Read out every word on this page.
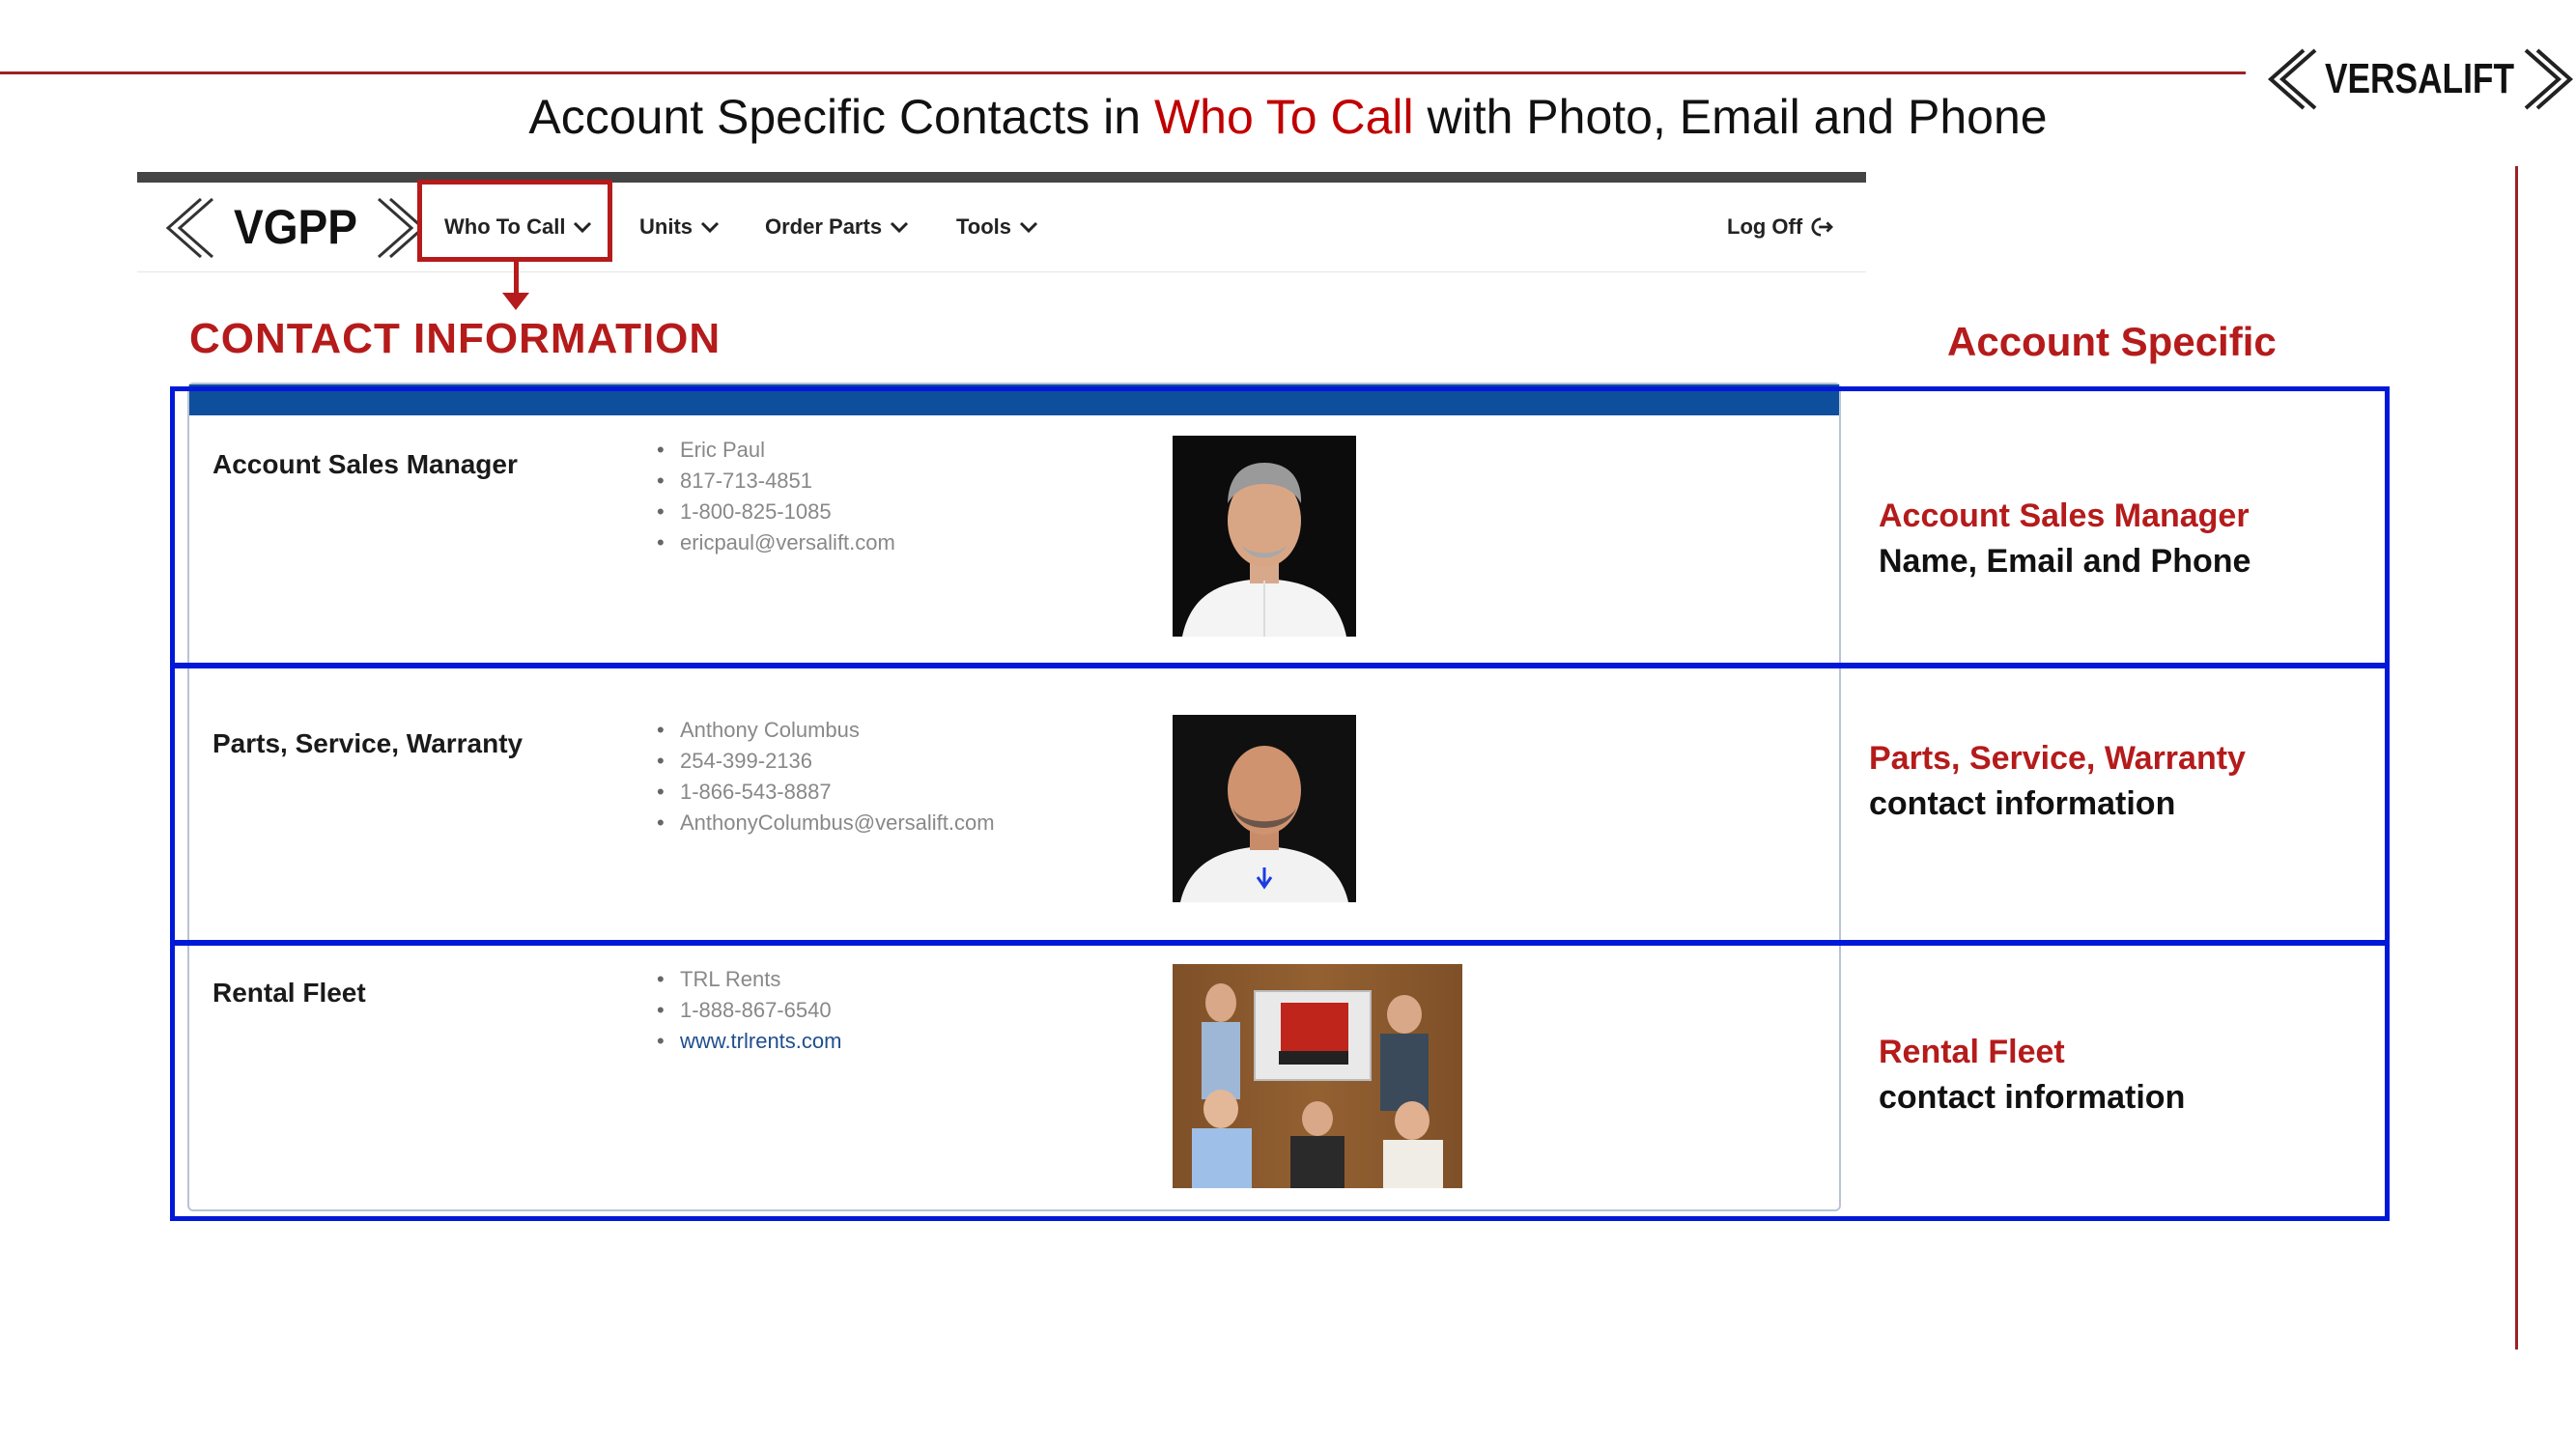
VERSALIFT
Account Specific Contacts in Who To Call with Photo, Email and Phone
VGPP	Who To Call	Units	Order Parts	Tools	Log Off
CONTACT INFORMATION	Account Specific
Account Sales Manager	• Eric Paul
• 817-713-4851
• 1-800-825-1085
• ericpaul@versalift.com
Account Sales Manager
Name, Email and Phone
Parts, Service, Warranty	• Anthony Columbus
• 254-399-2136
• 1-866-543-8887
• AnthonyColumbus@versalift.com
Parts, Service, Warranty
contact information
Rental Fleet	• TRL Rents
• 1-888-867-6540
• www.trlrents.com	Rental Fleet
contact information
